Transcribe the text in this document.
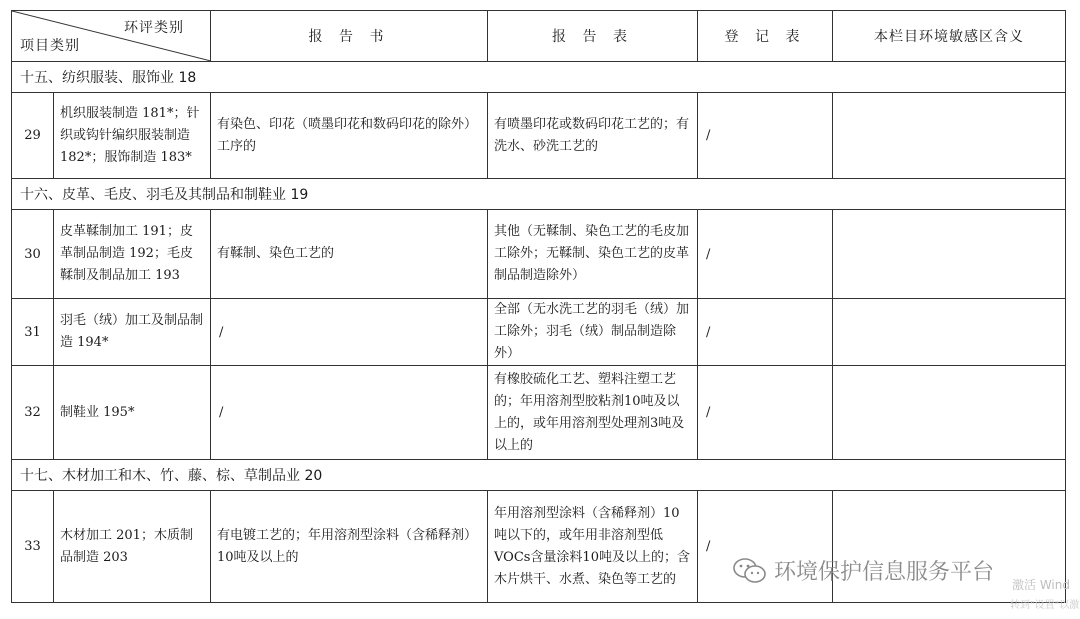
环评类别
项目类别		报 告 书	报 告 表	登 记 表	本栏目环境敏感区含义
十五、纺织服装、服饰业 18					
29	机织服装制造 181*；针织或钩针编织服装制造 182*；服饰制造 183*	有染色、印花（喷墨印花和数码印花的除外）工序的	有喷墨印花或数码印花工艺的；有洗水、砂洗工艺的	/	
十六、皮革、毛皮、羽毛及其制品和制鞋业 19					
30	皮革鞣制加工 191；皮革制品制造 192；毛皮鞣制及制品加工 193	有鞣制、染色工艺的	其他（无鞣制、染色工艺的毛皮加工除外；无鞣制、染色工艺的皮革制品制造除外）	/	
31	羽毛（绒）加工及制品制造 194*	/	全部（无水洗工艺的羽毛（绒）加工除外；羽毛（绒）制品制造除外）	/	
32	制鞋业 195*	/	有橡胶硫化工艺、塑料注塑工艺的；年用溶剂型胶粘剂10吨及以上的，或年用溶剂型处理剂3吨及以上的	/	
十七、木材加工和木、竹、藤、棕、草制品业 20					
33	木材加工 201；木质制品制造 203	有电镀工艺的；年用溶剂型涂料（含稀释剂）10吨及以上的	年用溶剂型涂料（含稀释剂）10吨以下的，或年用非溶剂型低VOCs含量涂料10吨及以上的；含木片烘干、水煮、染色等工艺的	/	
环境保护信息服务平台 激活 Wind
转到"设置"以激
